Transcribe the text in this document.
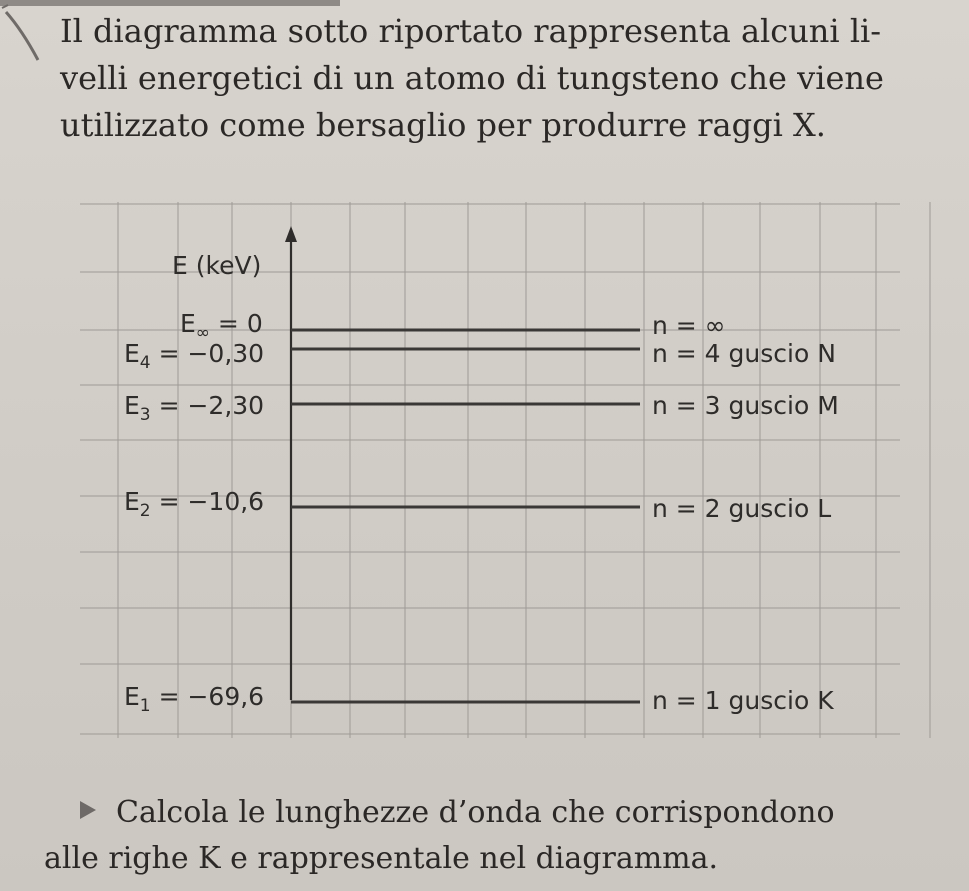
Il diagramma sotto riportato rappresenta alcuni li-
velli energetici di un atomo di tungsteno che viene
utilizzato come bersaglio per produrre raggi X.
E (keV)
$E_\infty = 0$
$E_4 = -0,30$
$E_3 = -2,30$
$E_2 = -10,6$
$E_1 = -69,6$
n = ∞
n = 4 guscio N
n = 3 guscio M
n = 2 guscio L
n = 1 guscio K
Calcola le lunghezze d’onda che corrispondono
alle righe K e rappresentale nel diagramma.
